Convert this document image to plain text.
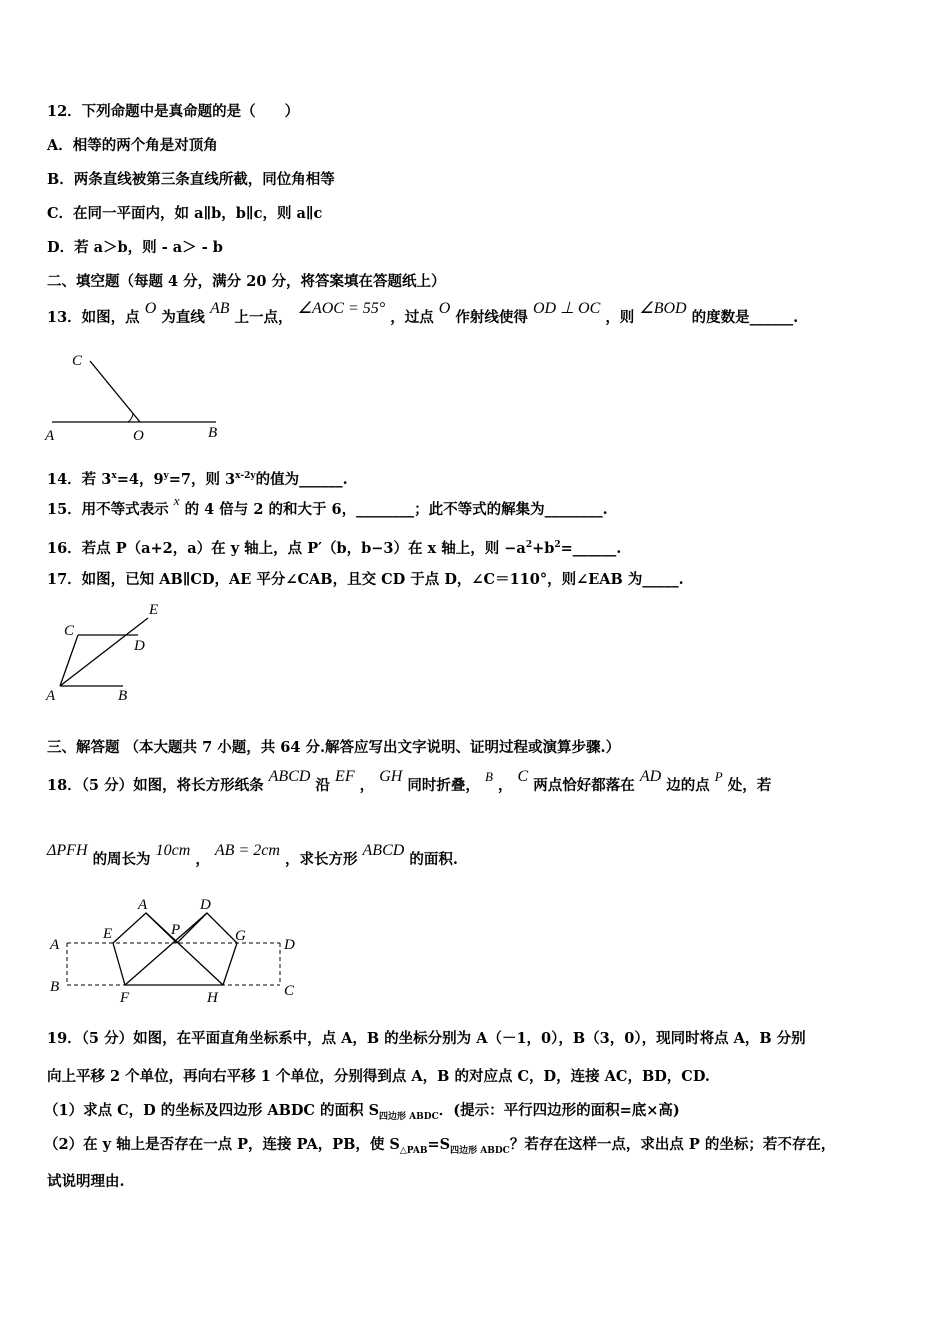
12．下列命题中是真命题的是（　　）
A．相等的两个角是对顶角
B．两条直线被第三条直线所截，同位角相等
C．在同一平面内，如 a∥b，b∥c，则 a∥c
D．若 a＞b，则 - a＞ - b
二、填空题（每题 4 分，满分 20 分，将答案填在答题纸上）
13．如图，点 O 为直线 AB 上一点， ∠AOC = 55° ，过点 O 作射线使得 OD ⊥ OC ，则 ∠BOD 的度数是______.
C
A	O	B
14．若 $3^x=4$，$9^y=7$，则 $3^{x-2y}$的值为______.
15．用不等式表示 x 的 4 倍与 2 的和大于 6，________；此不等式的解集为________.
16．若点 P（a+2，a）在 y 轴上，点 P′（b，b−3）在 x 轴上，则 $-a^2+b^2=\_\_\_\_\_\_$.
17．如图，已知 AB∥CD，AE 平分∠CAB，且交 CD 于点 D，∠C＝110°，则∠EAB 为_____.
E
C
D
A	B
三、解答题 （本大题共 7 小题，共 64 分.解答应写出文字说明、证明过程或演算步骤.）
18．（5 分）如图，将长方形纸条 ABCD 沿 EF ， GH 同时折叠， B ， C 两点恰好都落在 AD 边的点 P 处，若
ΔPFH 的周长为 10cm ， AB = 2cm ，求长方形 ABCD 的面积.
A	D
A
E	P	G
D
B
F	H	C
19．（5 分）如图，在平面直角坐标系中，点 A，B 的坐标分别为 A（－1，0），B（3，0），现同时将点 A，B 分别
向上平移 2 个单位，再向右平移 1 个单位，分别得到点 A，B 的对应点 C，D，连接 AC，BD，CD.
（1）求点 C，D 的坐标及四边形 ABDC 的面积 $S_{四边形 ABDC}$．(提示：平行四边形的面积=底×高)
（2）在 y 轴上是否存在一点 P，连接 PA，PB，使 $S_{\triangle PAB}=S_{四边形 ABDC}$？若存在这样一点，求出点 P 的坐标；若不存在，
试说明理由.
